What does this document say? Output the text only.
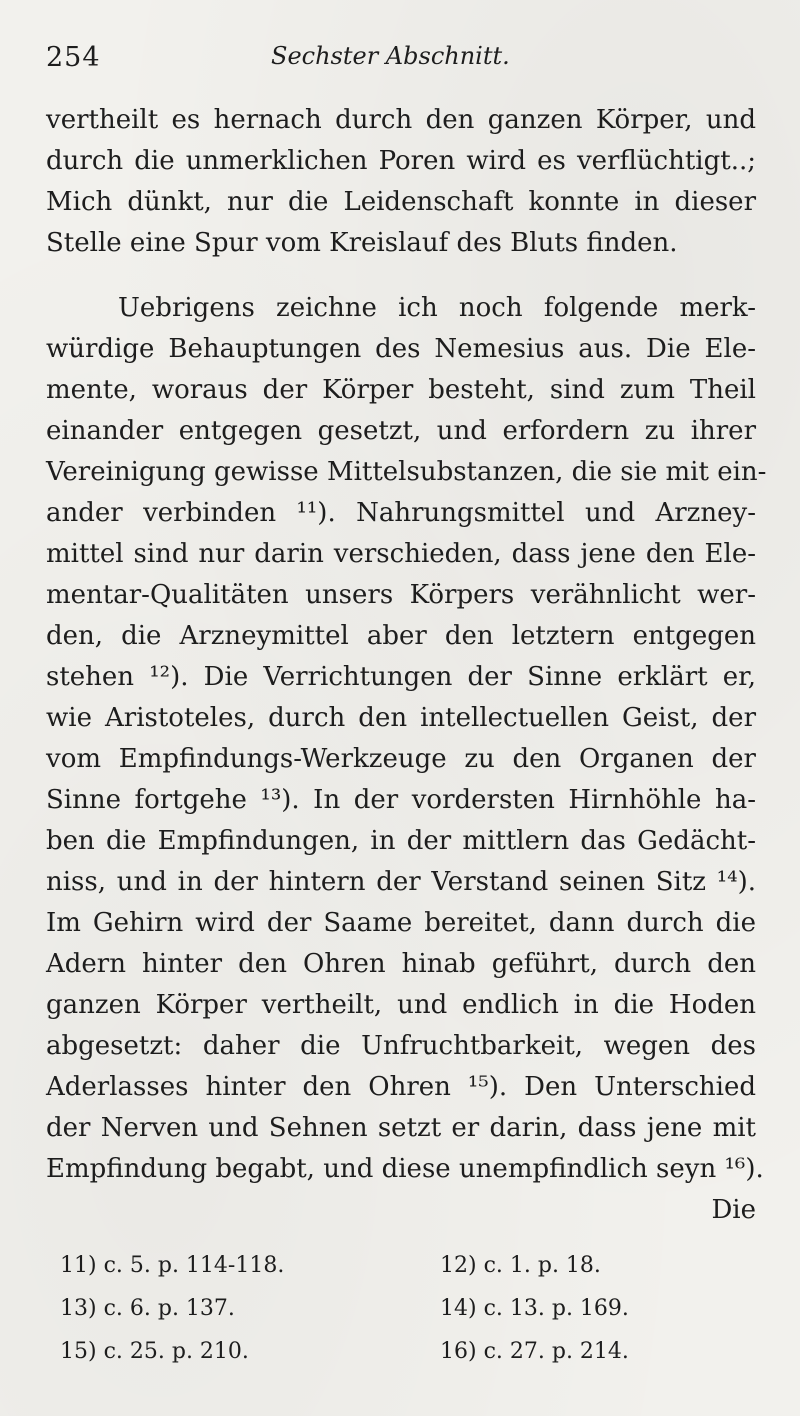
254	Sechster Abschnitt.
vertheilt es hernach durch den ganzen Körper, und
durch die unmerklichen Poren wird es verflüchtigt..;
Mich dünkt, nur die Leidenschaft konnte in dieser
Stelle eine Spur vom Kreislauf des Bluts finden.
Uebrigens zeichne ich noch folgende merk-
würdige Behauptungen des Nemesius aus. Die Ele-
mente, woraus der Körper besteht, sind zum Theil
einander entgegen gesetzt, und erfordern zu ihrer
Vereinigung gewisse Mittelsubstanzen, die sie mit ein-
ander verbinden ¹¹). Nahrungsmittel und Arzney-
mittel sind nur darin verschieden, dass jene den Ele-
mentar-Qualitäten unsers Körpers verähnlicht wer-
den, die Arzneymittel aber den letztern entgegen
stehen ¹²). Die Verrichtungen der Sinne erklärt er,
wie Aristoteles, durch den intellectuellen Geist, der
vom Empfindungs-Werkzeuge zu den Organen der
Sinne fortgehe ¹³). In der vordersten Hirnhöhle ha-
ben die Empfindungen, in der mittlern das Gedächt-
niss, und in der hintern der Verstand seinen Sitz ¹⁴).
Im Gehirn wird der Saame bereitet, dann durch die
Adern hinter den Ohren hinab geführt, durch den
ganzen Körper vertheilt, und endlich in die Hoden
abgesetzt: daher die Unfruchtbarkeit, wegen des
Aderlasses hinter den Ohren ¹⁵). Den Unterschied
der Nerven und Sehnen setzt er darin, dass jene mit
Empfindung begabt, und diese unempfindlich seyn ¹⁶).
Die
11) c. 5. p. 114-118.	12) c. 1. p. 18.
13) c. 6. p. 137.	14) c. 13. p. 169.
15) c. 25. p. 210.	16) c. 27. p. 214.
